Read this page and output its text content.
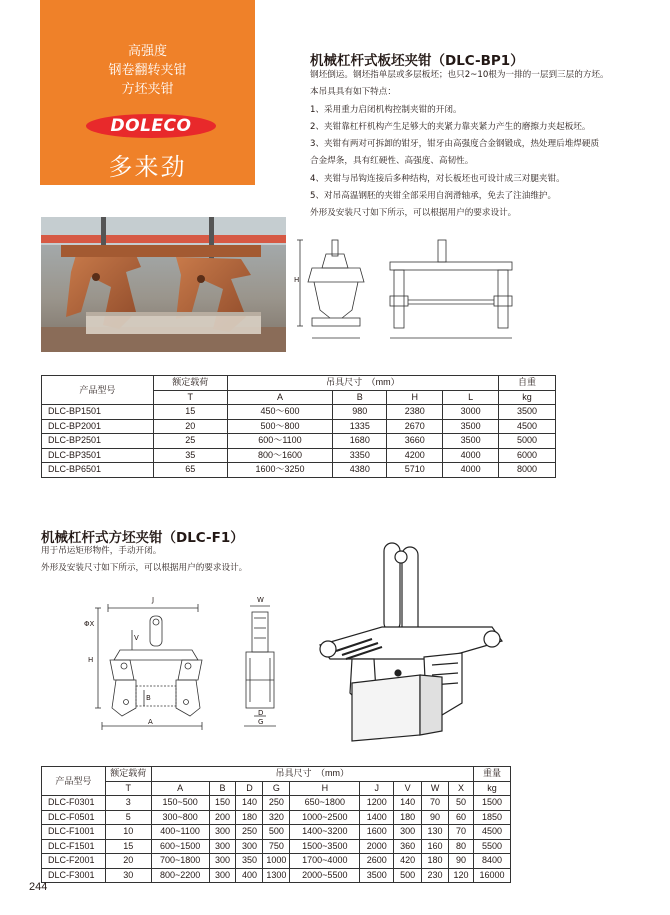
高强度
钢卷翻转夹钳
方坯夹钳
DOLECO
多来劲
机械杠杆式板坯夹钳（DLC-BP1）
钢坯倒运。钢坯指单层或多层板坯；也只2~10根为一排的一层到三层的方坯。
本吊具具有如下特点：
1、采用重力启闭机构控制夹钳的开闭。
2、夹钳靠杠杆机构产生足够大的夹紧力靠夹紧力产生的磨擦力夹起板坯。
3、夹钳有两对可拆卸的钳牙，钳牙由高强度合金钢锻成，热处理后堆焊硬质
合金焊条，具有红硬性、高强度、高韧性。
4、夹钳与吊钩连接后多种结构，对长板坯也可设计成三对腿夹钳。
5、对吊高温钢胚的夹钳全部采用自润滑轴承，免去了注油维护。
外形及安装尺寸如下所示，可以根据用户的要求设计。
H
产品型号	额定载荷	吊具尺寸　（mm）				自重
	T	A	B	H	L	kg
DLC-BP1501	15	450～600	980	2380	3000	3500
DLC-BP2001	20	500～800	1335	2670	3500	4500
DLC-BP2501	25	600～1100	1680	3660	3500	5000
DLC-BP3501	35	800～1600	3350	4200	4000	6000
DLC-BP6501	65	1600～3250	4380	5710	4000	8000
机械杠杆式方坯夹钳（DLC-F1）
用于吊运矩形物件，手动开闭。
外形及安装尺寸如下所示，可以根据用户的要求设计。
J
ΦX
V
H
B
A
W
D
G
产品型号	额定载荷	吊具尺寸　（mm）									重量
	T	A	B	D	G	H	J	V	W	X	kg
DLC-F0301	3	150~500	150	140	250	650~1800	1200	140	70	50	1500
DLC-F0501	5	300~800	200	180	320	1000~2500	1400	180	90	60	1850
DLC-F1001	10	400~1100	300	250	500	1400~3200	1600	300	130	70	4500
DLC-F1501	15	600~1500	300	300	750	1500~3500	2000	360	160	80	5500
DLC-F2001	20	700~1800	300	350	1000	1700~4000	2600	420	180	90	8400
DLC-F3001	30	800~2200	300	400	1300	2000~5500	3500	500	230	120	16000
244
